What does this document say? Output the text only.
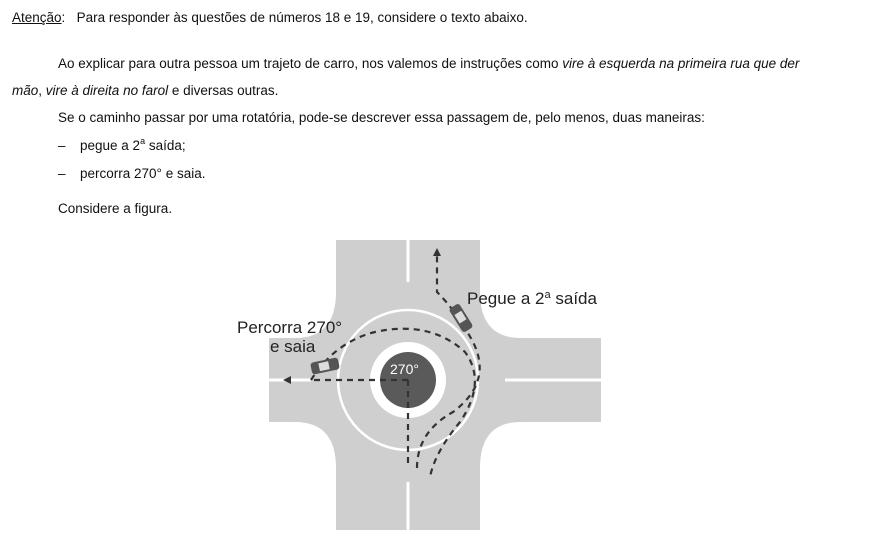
Atenção: Para responder às questões de números 18 e 19, considere o texto abaixo.
Ao explicar para outra pessoa um trajeto de carro, nos valemos de instruções como vire à esquerda na primeira rua que der
mão, vire à direita no farol e diversas outras.
Se o caminho passar por uma rotatória, pode-se descrever essa passagem de, pelo menos, duas maneiras:
– pegue a 2$^a$ saída;
– percorra 270° e saia.
Considere a figura.
Pegue a 2$^a$ saída
Percorra 270°
e saia
270°
